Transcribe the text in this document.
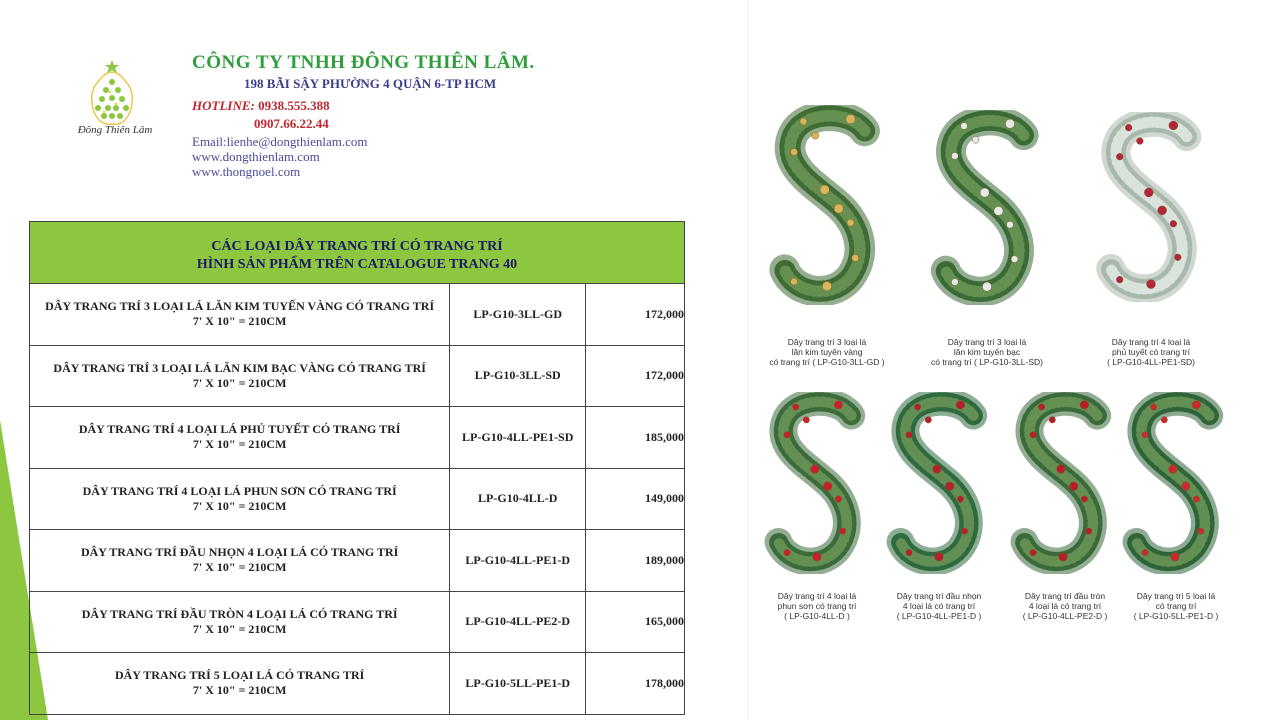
Đông Thiên Lâm
CÔNG TY TNHH ĐÔNG THIÊN LÂM.
198 BÃI SẬY PHƯỜNG 4 QUẬN 6-TP HCM
HOTLINE: 0938.555.388
0907.66.22.44
Email:lienhe@dongthienlam.com
www.dongthienlam.com
www.thongnoel.com
CÁC LOẠI DÂY TRANG TRÍ CÓ TRANG TRÍ
HÌNH SẢN PHẨM TRÊN CATALOGUE TRANG 40		

DÂY TRANG TRÍ 3 LOẠI LÁ LĂN KIM TUYẾN VÀNG CÓ TRANG TRÍ
7' X 10" = 210CM	LP-G10-3LL-GD	172,000

DÂY TRANG TRÍ 3 LOẠI LÁ LĂN KIM BẠC VÀNG CÓ TRANG TRÍ
7' X 10" = 210CM	LP-G10-3LL-SD	172,000

DÂY TRANG TRÍ 4 LOẠI LÁ PHỦ TUYẾT CÓ TRANG TRÍ
7' X 10" = 210CM	LP-G10-4LL-PE1-SD	185,000

DÂY TRANG TRÍ 4 LOẠI LÁ PHUN SƠN CÓ TRANG TRÍ
7' X 10" = 210CM	LP-G10-4LL-D	149,000

DÂY TRANG TRÍ ĐẦU NHỌN 4 LOẠI LÁ CÓ TRANG TRÍ
7' X 10" = 210CM	LP-G10-4LL-PE1-D	189,000

DÂY TRANG TRÍ ĐẦU TRÒN 4 LOẠI LÁ CÓ TRANG TRÍ
7' X 10" = 210CM	LP-G10-4LL-PE2-D	165,000

DÂY TRANG TRÍ 5 LOẠI LÁ CÓ TRANG TRÍ
7' X 10" = 210CM	LP-G10-5LL-PE1-D	178,000
Dây trang trí 3 loại lá
lăn kim tuyến vàng
có trang trí ( LP-G10-3LL-GD )
Dây trang trí 3 loại lá
lăn kim tuyến bạc
có trang trí ( LP-G10-3LL-SD)
Dây trang trí 4 loại lá
phủ tuyết có trang trí
( LP-G10-4LL-PE1-SD)
Dây trang trí 4 loại lá
phun sơn có trang trí
( LP-G10-4LL-D )
Dây trang trí đầu nhọn
4 loại lá có trang trí
( LP-G10-4LL-PE1-D )
Dây trang trí đầu tròn
4 loại lá có trang trí
( LP-G10-4LL-PE2-D )
Dây trang trí 5 loại lá
có trang trí
( LP-G10-5LL-PE1-D )
